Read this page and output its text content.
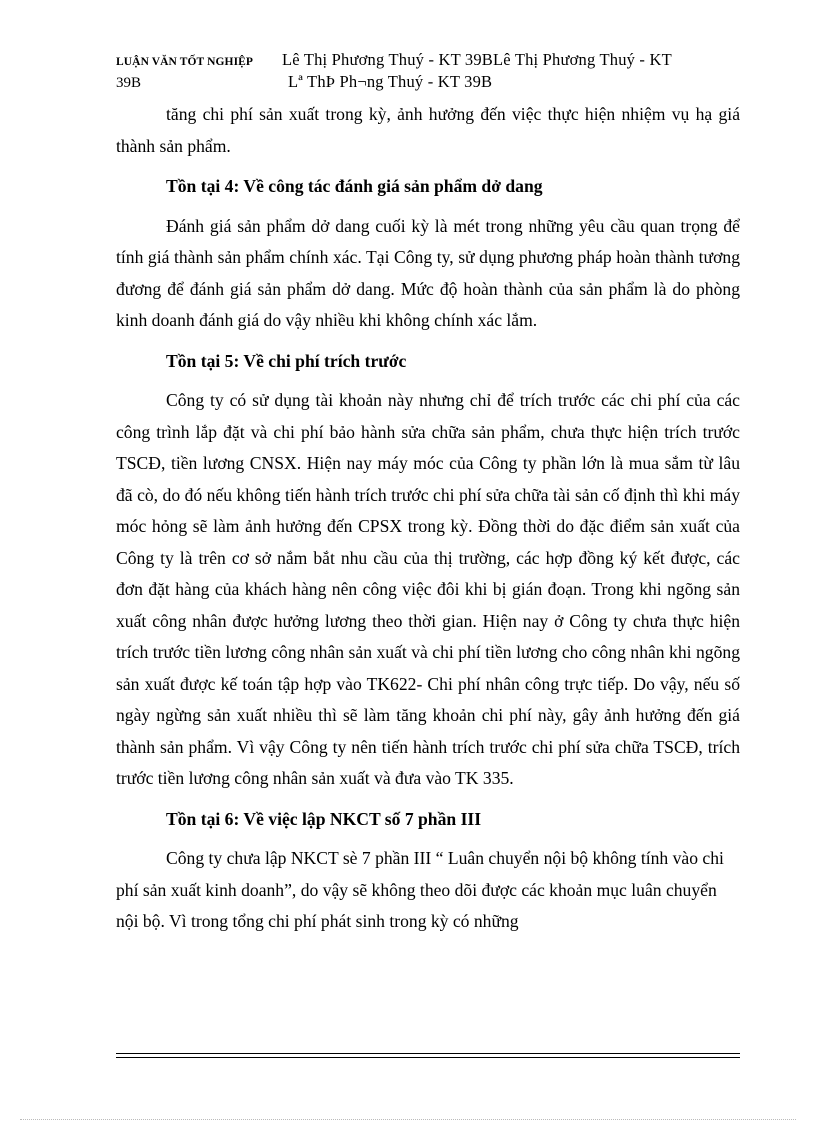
LUẬN VĂN TỐT NGHIỆP Lê Thị Phương Thuý - KT 39BLê Thị Phương Thuý - KT
39B	Lª ThÞ Ph¬ng Thuý - KT 39B

tăng chi phí sản xuất trong kỳ, ảnh hưởng đến việc thực hiện nhiệm vụ hạ giá thành sản phẩm.

Tồn tại 4: Về công tác đánh giá sản phẩm dở dang

Đánh giá sản phẩm dở dang cuối kỳ là mét trong những yêu cầu quan trọng để tính giá thành sản phẩm chính xác. Tại Công ty, sử dụng phương pháp hoàn thành tương đương để đánh giá sản phẩm dở dang. Mức độ hoàn thành của sản phẩm là do phòng kinh doanh đánh giá do vậy nhiều khi không chính xác lắm.

Tồn tại 5: Về chi phí trích trước

Công ty có sử dụng tài khoản này nhưng chỉ để trích trước các chi phí của các công trình lắp đặt và chi phí bảo hành sửa chữa sản phẩm, chưa thực hiện trích trước TSCĐ, tiền lương CNSX. Hiện nay máy móc của Công ty phần lớn là mua sắm từ lâu đã cò, do đó nếu không tiến hành trích trước chi phí sửa chữa tài sản cố định thì khi máy móc hỏng sẽ làm ảnh hưởng đến CPSX trong kỳ. Đồng thời do đặc điểm sản xuất của Công ty là trên cơ sở nắm bắt nhu cầu của thị trường, các hợp đồng ký kết được, các đơn đặt hàng của khách hàng nên công việc đôi khi bị gián đoạn. Trong khi ngõng sản xuất công nhân được hưởng lương theo thời gian. Hiện nay ở Công ty chưa thực hiện trích trước tiền lương công nhân sản xuất và chi phí tiền lương cho công nhân khi ngõng sản xuất được kế toán tập hợp vào TK622- Chi phí nhân công trực tiếp. Do vậy, nếu số ngày ngừng sản xuất nhiều thì sẽ làm tăng khoản chi phí này, gây ảnh hưởng đến giá thành sản phẩm. Vì vậy Công ty nên tiến hành trích trước chi phí sửa chữa TSCĐ, trích trước tiền lương công nhân sản xuất và đưa vào TK 335.

Tồn tại 6: Về việc lập NKCT số 7 phần III

Công ty chưa lập NKCT sè 7 phần III “ Luân chuyển nội bộ không tính vào chi phí sản xuất kinh doanh”, do vậy sẽ không theo dõi được các khoản mục luân chuyển nội bộ. Vì trong tổng chi phí phát sinh trong kỳ có những
